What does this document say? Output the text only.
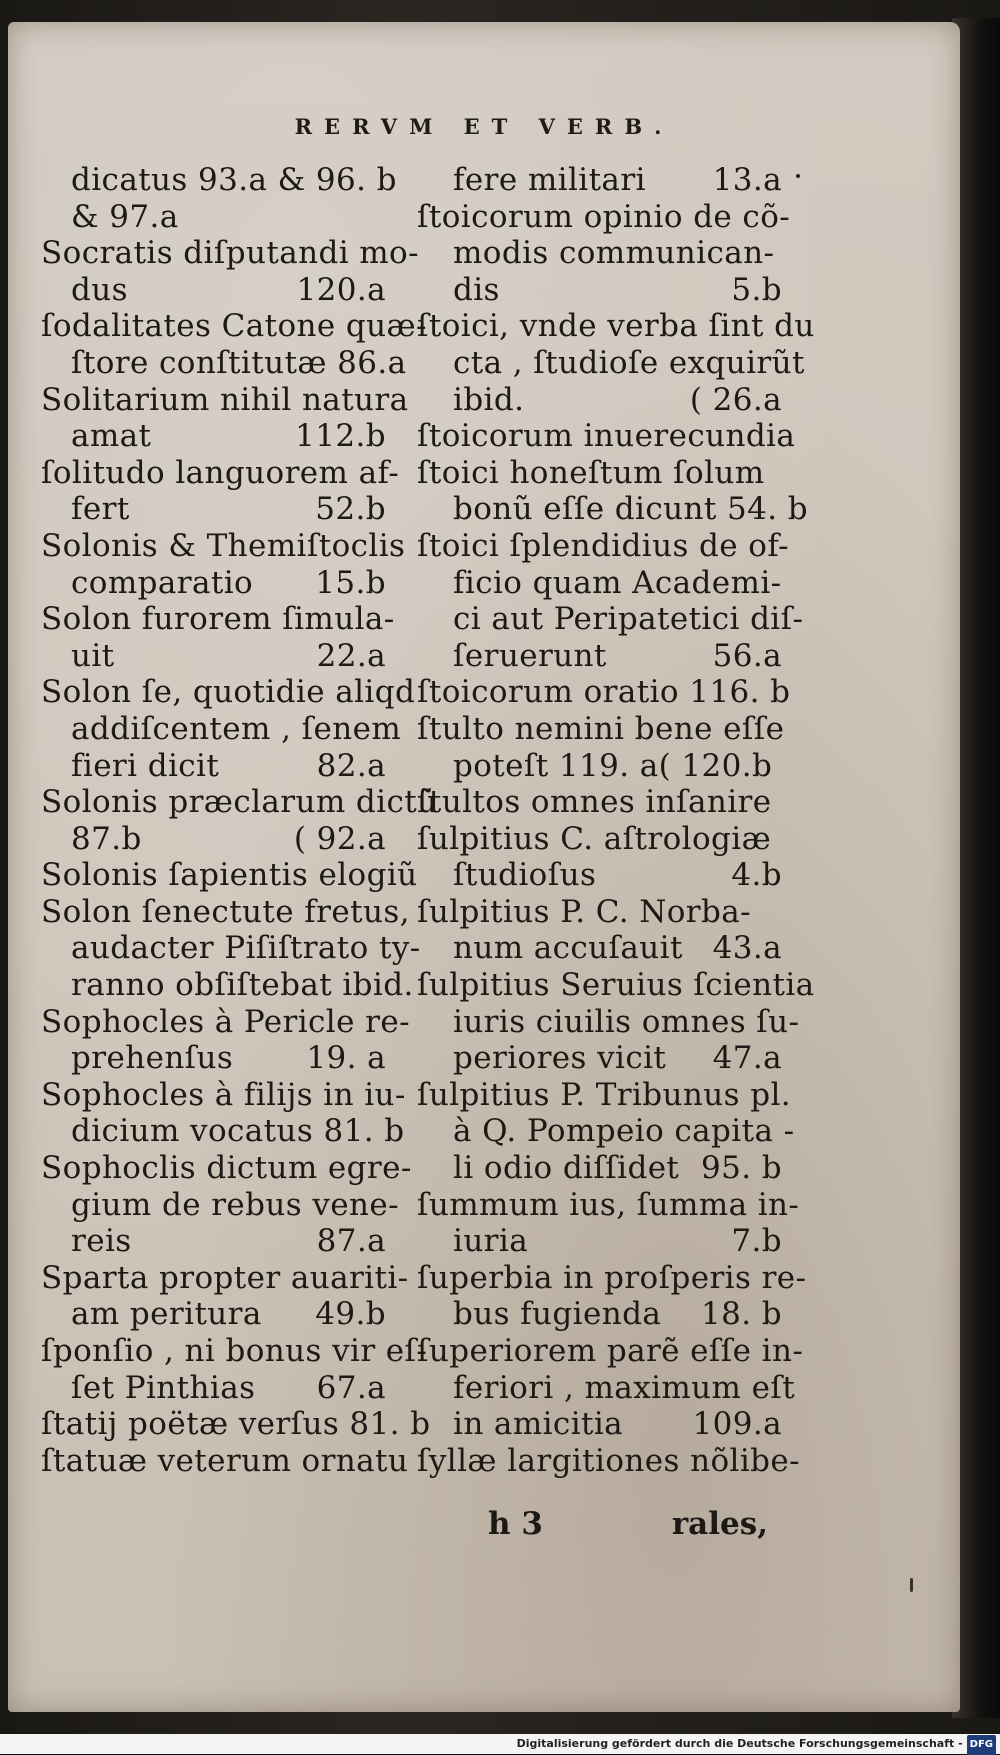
RERVM ET VERB.
dicatus 93.a & 96. b
& 97.a
Socratis diſputandi mo-
dus	120.a
ſodalitates Catone quæ-
ſtore conſtitutæ 86.a
Solitarium nihil natura
amat	112.b
ſolitudo languorem af-
fert	52.b
Solonis & Themiſtoclis
comparatio 15.b
Solon furorem ſimula-
uit	22.a
Solon ſe, quotidie aliqd
addiſcentem , ſenem
fieri dicit	82.a
Solonis præclarum dictũ
87.b	( 92.a
Solonis ſapientis elogiũ
Solon ſenectute fretus,
audacter Piſiſtrato ty-
ranno obſiſtebat ibid.
Sophocles à Pericle re-
prehenſus 19. a
Sophocles à filijs in iu-
dicium vocatus 81. b
Sophoclis dictum egre-
gium de rebus vene-
reis	87.a
Sparta propter auariti-
am peritura 49.b
ſponſio , ni bonus vir eſ-
ſet Pinthias 67.a
ſtatij poëtæ verſus 81. b
ſtatuæ veterum ornatu
fere militari 13.a
ſtoicorum opinio de cõ-
modis communican-
dis	5.b
ſtoici, vnde verba ſint du
cta , ſtudioſe exquirũt
ibid.	( 26.a
ſtoicorum inuerecundia
ſtoici honeſtum ſolum
bonũ eſſe dicunt 54. b
ſtoici ſplendidius de of-
ficio quam Academi-
ci aut Peripatetici diſ-
ſeruerunt	56.a
ſtoicorum oratio 116. b
ſtulto nemini bene eſſe
poteſt 119. a( 120.b
ſtultos omnes inſanire
ſulpitius C. aſtrologiæ
ſtudioſus	4.b
ſulpitius P. C. Norba-
num accuſauit 43.a
ſulpitius Seruius ſcientia
iuris ciuilis omnes ſu-
periores vicit 47.a
ſulpitius P. Tribunus pl.
à Q. Pompeio capita -
li odio diſſidet 95. b
ſummum ius, ſumma in-
iuria	7.b
ſuperbia in proſperis re-
bus fugienda 18. b
ſuperiorem parẽ eſſe in-
feriori , maximum eſt
in amicitia 109.a
ſyllæ largitiones nõlibe-
h 3	rales,
Digitalisierung gefördert durch die Deutsche Forschungsgemeinschaft - DFG
